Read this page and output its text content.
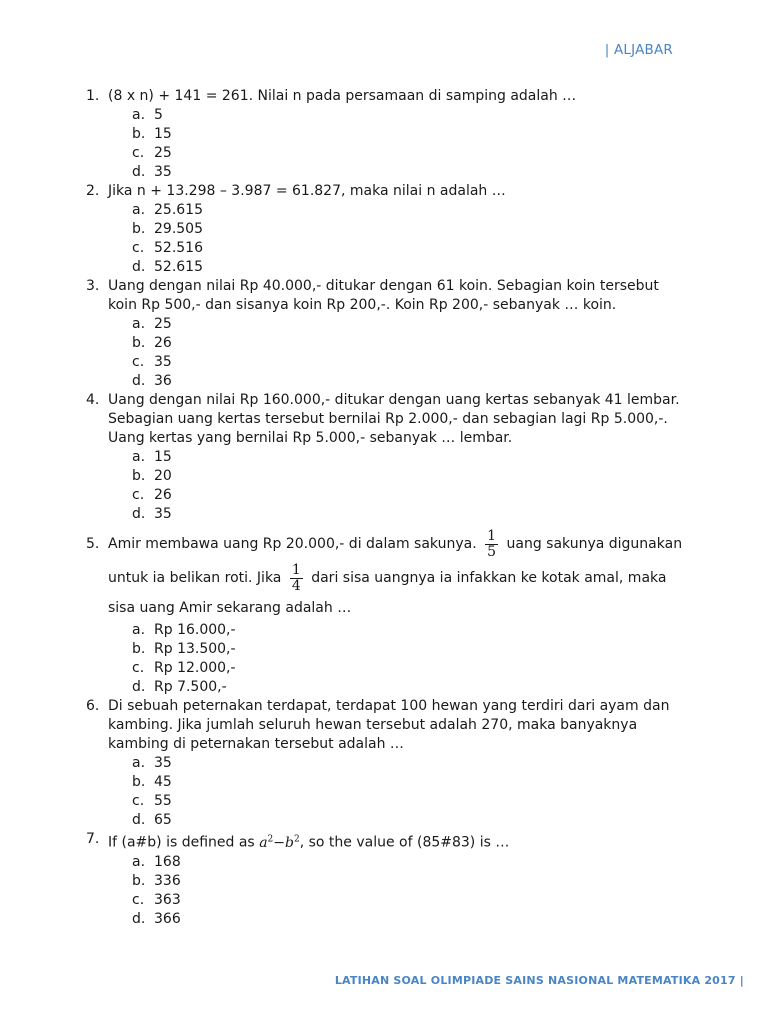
| ALJABAR
1. (8 x n) + 141 = 261. Nilai n pada persamaan di samping adalah …
a. 5
b. 15
c. 25
d. 35
2. Jika n + 13.298 – 3.987 = 61.827, maka nilai n adalah …
a. 25.615
b. 29.505
c. 52.516
d. 52.615
3. Uang dengan nilai Rp 40.000,- ditukar dengan 61 koin. Sebagian koin tersebut
koin Rp 500,- dan sisanya koin Rp 200,-. Koin Rp 200,- sebanyak … koin.
a. 25
b. 26
c. 35
d. 36
4. Uang dengan nilai Rp 160.000,- ditukar dengan uang kertas sebanyak 41 lembar.
Sebagian uang kertas tersebut bernilai Rp 2.000,- dan sebagian lagi Rp 5.000,-.
Uang kertas yang bernilai Rp 5.000,- sebanyak … lembar.
a. 15
b. 20
c. 26
d. 35
5. Amir membawa uang Rp 20.000,- di dalam sakunya. $\frac{1}{5}$ uang sakunya digunakan
untuk ia belikan roti. Jika $\frac{1}{4}$ dari sisa uangnya ia infakkan ke kotak amal, maka
sisa uang Amir sekarang adalah …
a. Rp 16.000,-
b. Rp 13.500,-
c. Rp 12.000,-
d. Rp 7.500,-
6. Di sebuah peternakan terdapat, terdapat 100 hewan yang terdiri dari ayam dan
kambing. Jika jumlah seluruh hewan tersebut adalah 270, maka banyaknya
kambing di peternakan tersebut adalah …
a. 35
b. 45
c. 55
d. 65
7. If (a#b) is defined as $a^2-b^2$, so the value of (85#83) is …
a. 168
b. 336
c. 363
d. 366
LATIHAN SOAL OLIMPIADE SAINS NASIONAL MATEMATIKA 2017 |
